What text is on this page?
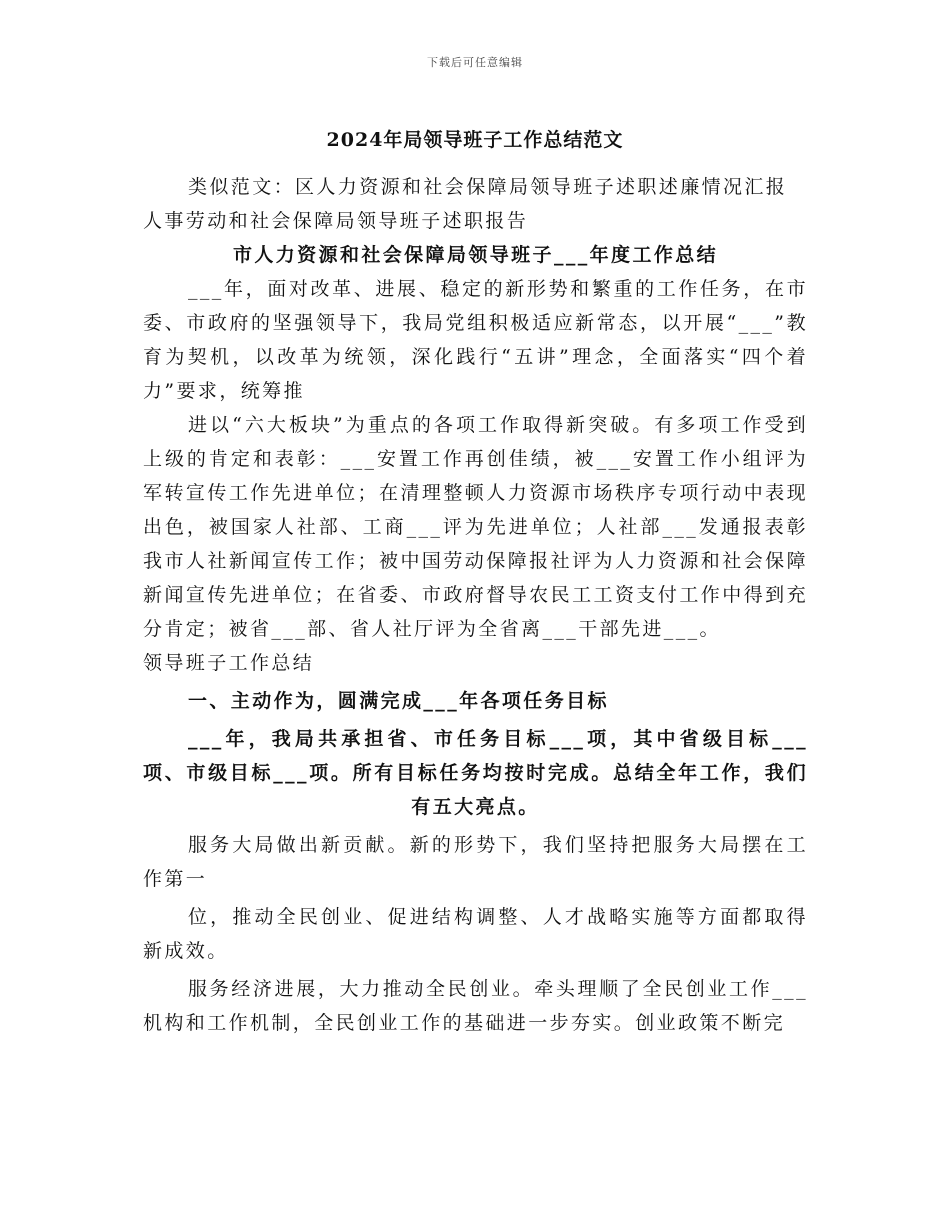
下载后可任意编辑
2024年局领导班子工作总结范文

类似范文：区人力资源和社会保障局领导班子述职述廉情况汇报

人事劳动和社会保障局领导班子述职报告

市人力资源和社会保障局领导班子___年度工作总结

___年，面对改革、进展、稳定的新形势和繁重的工作任务，在市委、市政府的坚强领导下，我局党组积极适应新常态，以开展“___”教育为契机，以改革为统领，深化践行“五讲”理念，全面落实“四个着力”要求，统筹推

进以“六大板块”为重点的各项工作取得新突破。有多项工作受到上级的肯定和表彰：___安置工作再创佳绩，被___安置工作小组评为军转宣传工作先进单位；在清理整顿人力资源市场秩序专项行动中表现出色，被国家人社部、工商___评为先进单位；人社部___发通报表彰我市人社新闻宣传工作；被中国劳动保障报社评为人力资源和社会保障新闻宣传先进单位；在省委、市政府督导农民工工资支付工作中得到充分肯定；被省___部、省人社厅评为全省离___干部先进___。

领导班子工作总结

一、主动作为，圆满完成___年各项任务目标

___年，我局共承担省、市任务目标___项，其中省级目标___项、市级目标___项。所有目标任务均按时完成。总结全年工作，我们有五大亮点。

服务大局做出新贡献。新的形势下，我们坚持把服务大局摆在工作第一

位，推动全民创业、促进结构调整、人才战略实施等方面都取得新成效。

服务经济进展，大力推动全民创业。牵头理顺了全民创业工作___机构和工作机制，全民创业工作的基础进一步夯实。创业政策不断完
